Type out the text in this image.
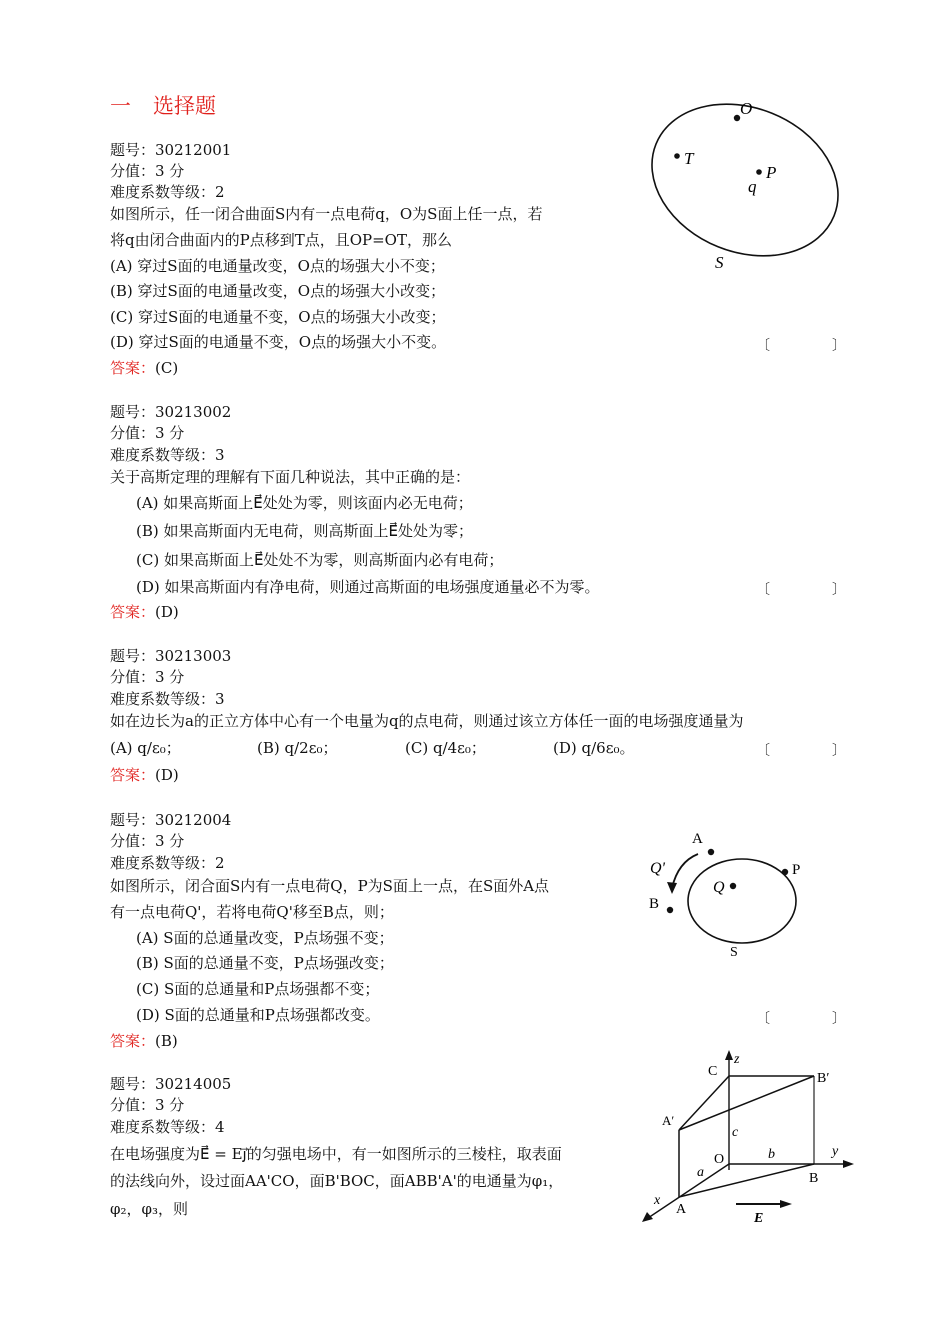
一 选择题
题号：30212001
分值：3 分
难度系数等级：2
如图所示，任一闭合曲面S内有一点电荷q，O为S面上任一点，若
将q由闭合曲面内的P点移到T点，且OP=OT，那么
(A) 穿过S面的电通量改变，O点的场强大小不变；
(B) 穿过S面的电通量改变，O点的场强大小改变；
(C) 穿过S面的电通量不变，O点的场强大小改变；
(D) 穿过S面的电通量不变，O点的场强大小不变。	〔	〕
答案：(C)
O
T
P
q
S
题号：30213002
分值：3 分
难度系数等级：3
关于高斯定理的理解有下面几种说法，其中正确的是：
(A) 如果高斯面上E⃗处处为零，则该面内必无电荷；
(B) 如果高斯面内无电荷，则高斯面上E⃗处处为零；
(C) 如果高斯面上E⃗处处不为零，则高斯面内必有电荷；
(D) 如果高斯面内有净电荷，则通过高斯面的电场强度通量必不为零。	〔	〕
答案：(D)
题号：30213003
分值：3 分
难度系数等级：3
如在边长为a的正立方体中心有一个电量为q的点电荷，则通过该立方体任一面的电场强度通量为
(A) q/ε₀；	(B) q/2ε₀；	(C) q/4ε₀；	(D) q/6ε₀。	〔	〕
答案：(D)
题号：30212004
分值：3 分
难度系数等级：2
如图所示，闭合面S内有一点电荷Q，P为S面上一点，在S面外A点
有一点电荷Q'，若将电荷Q'移至B点，则；
(A) S面的总通量改变，P点场强不变；
(B) S面的总通量不变，P点场强改变；
(C) S面的总通量和P点场强都不变；
(D) S面的总通量和P点场强都改变。	〔	〕
答案：(B)
A
P
Q'
Q
B
S
题号：30214005
分值：3 分
难度系数等级：4
在电场强度为E⃗ = Ej⃗的匀强电场中，有一如图所示的三棱柱，取表面
的法线向外，设过面AA'CO，面B'BOC，面ABB'A'的电通量为φ₁，
φ₂，φ₃，则
z
y
x
C	B′
A′
c
O	b
a	B
A
E
